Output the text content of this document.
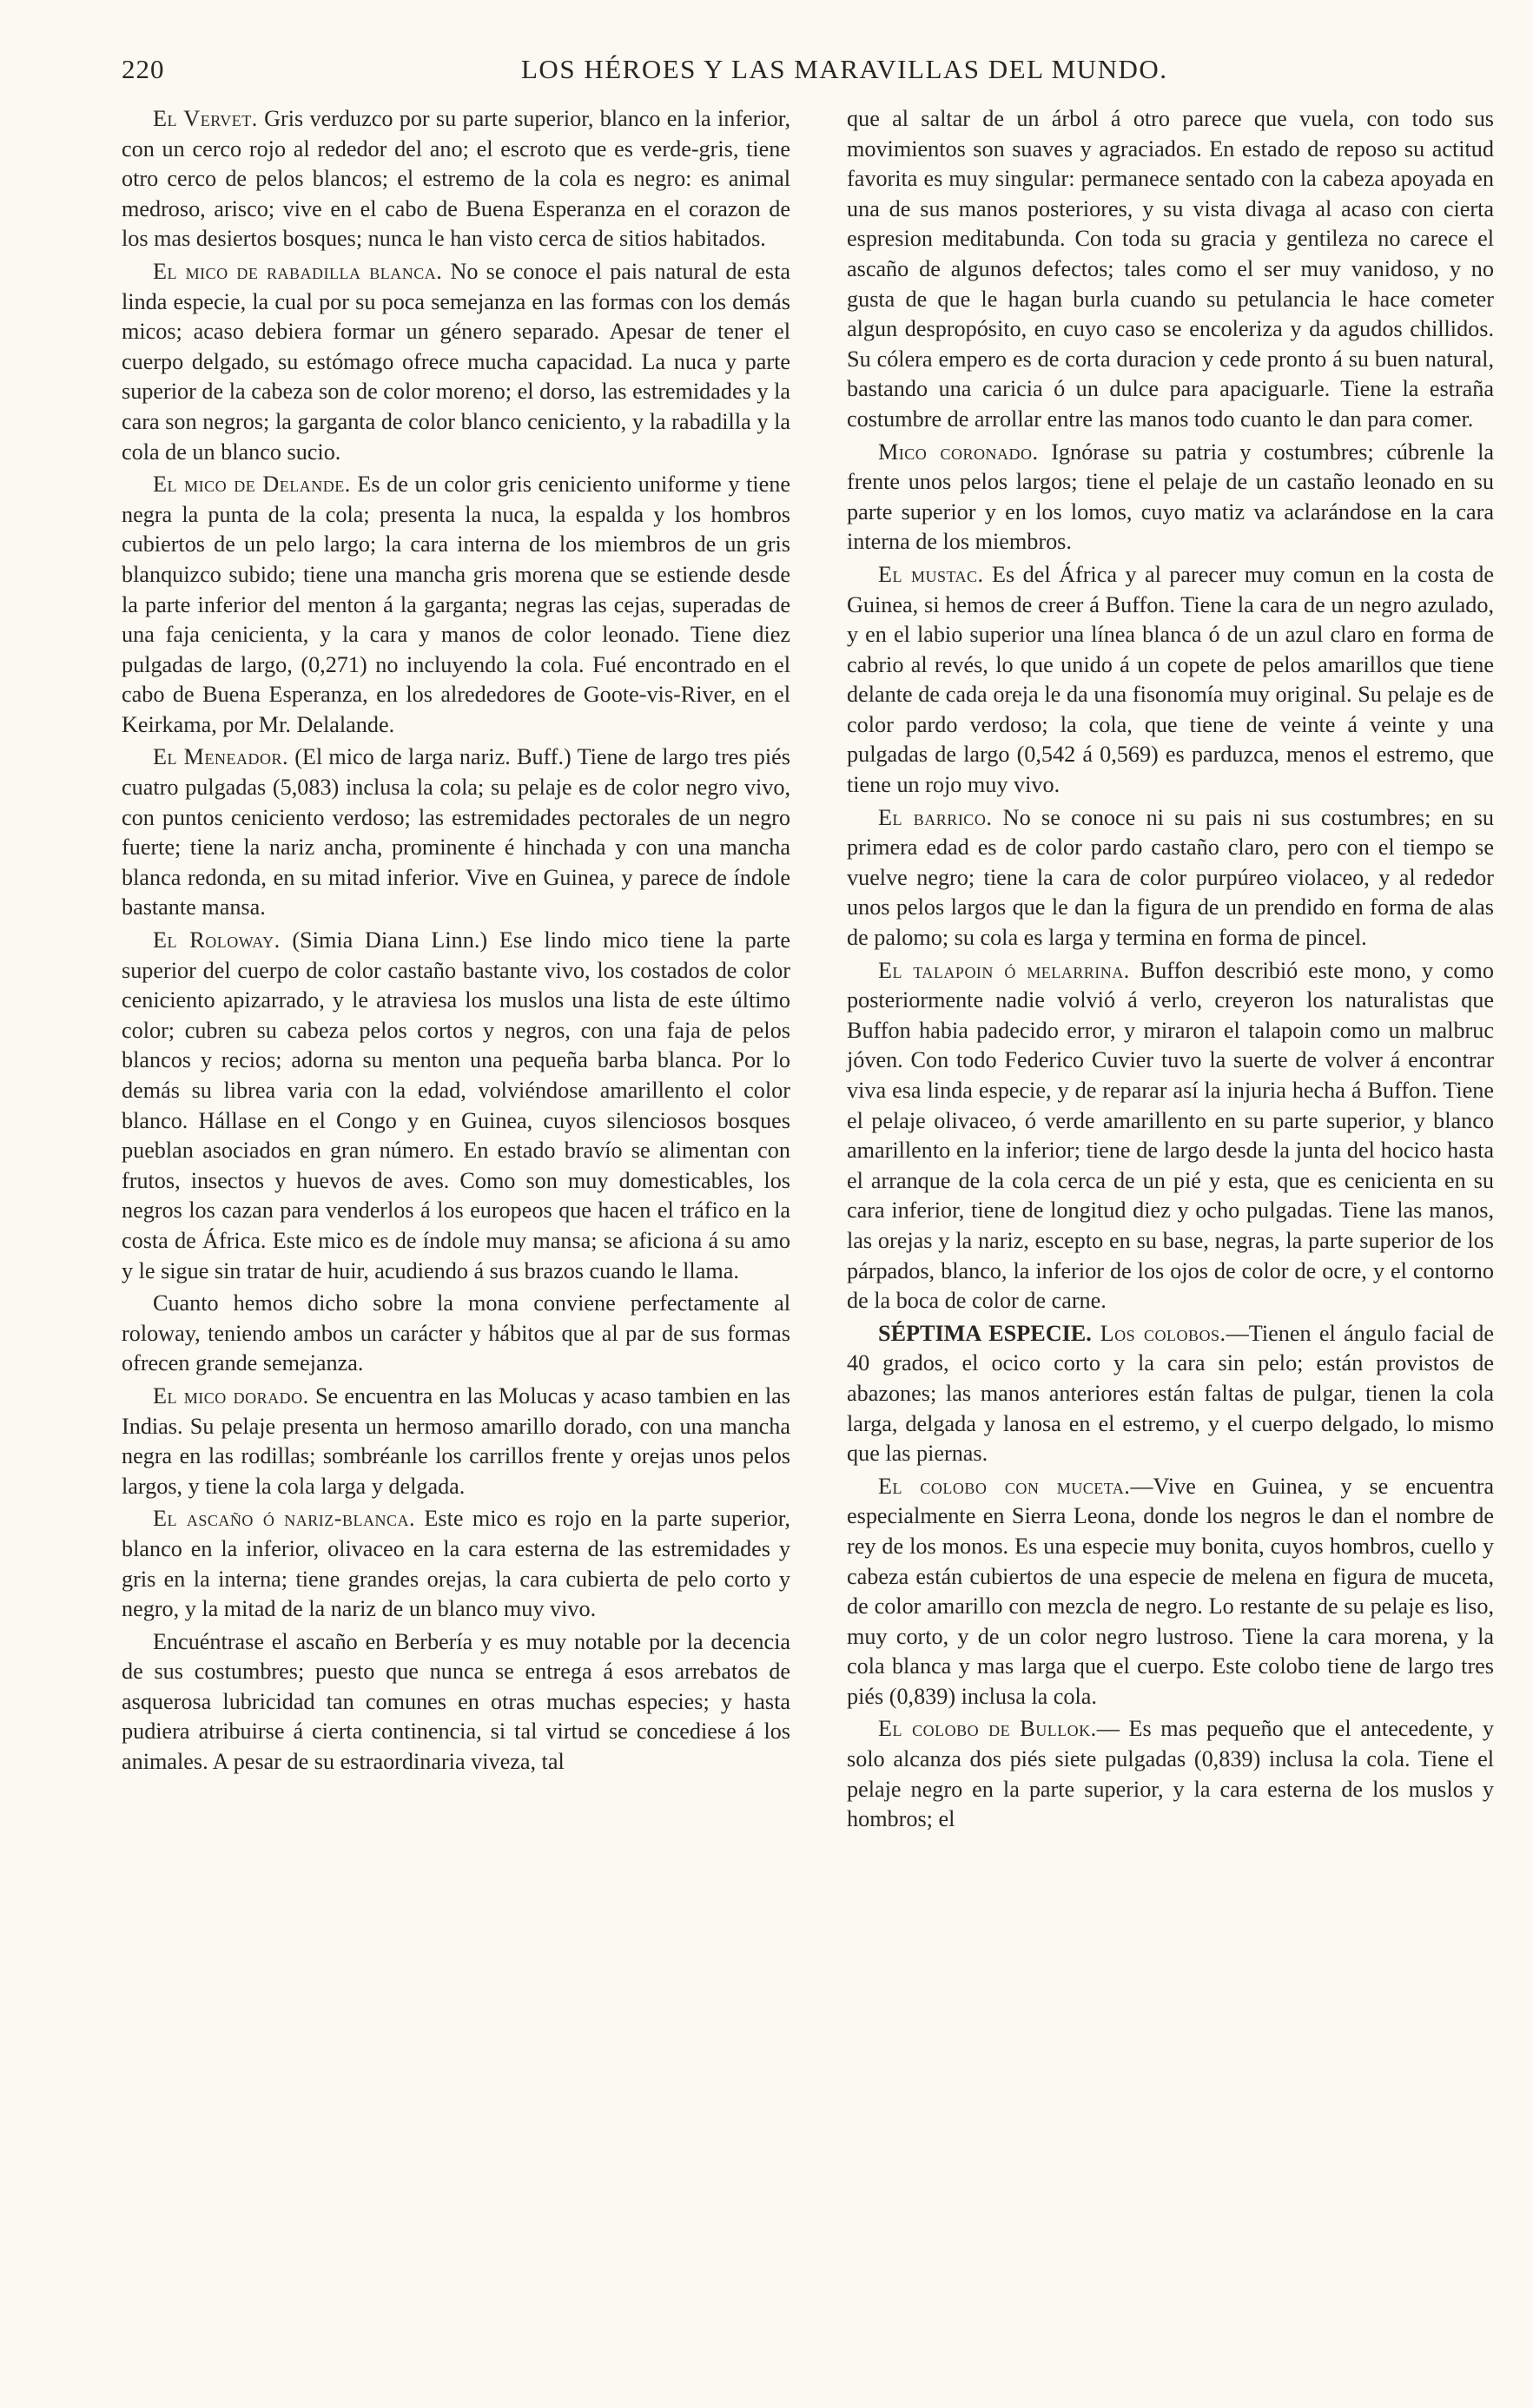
220	LOS HÉROES Y LAS MARAVILLAS DEL MUNDO.

El Vervet. Gris verduzco por su parte superior, blanco en la inferior, con un cerco rojo al rededor del ano; el escroto que es verde-gris, tiene otro cerco de pelos blancos; el estremo de la cola es negro: es animal medroso, arisco; vive en el cabo de Buena Esperanza en el corazon de los mas desiertos bosques; nunca le han visto cerca de sitios habitados.

El mico de rabadilla blanca. No se conoce el pais natural de esta linda especie, la cual por su poca semejanza en las formas con los demás micos; acaso debiera formar un género separado. Apesar de tener el cuerpo delgado, su estómago ofrece mucha capacidad. La nuca y parte superior de la cabeza son de color moreno; el dorso, las estremidades y la cara son negros; la garganta de color blanco ceniciento, y la rabadilla y la cola de un blanco sucio.

El mico de Delande. Es de un color gris ceniciento uniforme y tiene negra la punta de la cola; presenta la nuca, la espalda y los hombros cubiertos de un pelo largo; la cara interna de los miembros de un gris blanquizco subido; tiene una mancha gris morena que se estiende desde la parte inferior del menton á la garganta; negras las cejas, superadas de una faja cenicienta, y la cara y manos de color leonado. Tiene diez pulgadas de largo, (0,271) no incluyendo la cola. Fué encontrado en el cabo de Buena Esperanza, en los alrededores de Goote-vis-River, en el Keirkama, por Mr. Delalande.

El Meneador. (El mico de larga nariz. Buff.) Tiene de largo tres piés cuatro pulgadas (5,083) inclusa la cola; su pelaje es de color negro vivo, con puntos ceniciento verdoso; las estremidades pectorales de un negro fuerte; tiene la nariz ancha, prominente é hinchada y con una mancha blanca redonda, en su mitad inferior. Vive en Guinea, y parece de índole bastante mansa.

El Roloway. (Simia Diana Linn.) Ese lindo mico tiene la parte superior del cuerpo de color castaño bastante vivo, los costados de color ceniciento apizarrado, y le atraviesa los muslos una lista de este último color; cubren su cabeza pelos cortos y negros, con una faja de pelos blancos y recios; adorna su menton una pequeña barba blanca. Por lo demás su librea varia con la edad, volviéndose amarillento el color blanco. Hállase en el Congo y en Guinea, cuyos silenciosos bosques pueblan asociados en gran número. En estado bravío se alimentan con frutos, insectos y huevos de aves. Como son muy domesticables, los negros los cazan para venderlos á los europeos que hacen el tráfico en la costa de África. Este mico es de índole muy mansa; se aficiona á su amo y le sigue sin tratar de huir, acudiendo á sus brazos cuando le llama.

Cuanto hemos dicho sobre la mona conviene perfectamente al roloway, teniendo ambos un carácter y hábitos que al par de sus formas ofrecen grande semejanza.

El mico dorado. Se encuentra en las Molucas y acaso tambien en las Indias. Su pelaje presenta un hermoso amarillo dorado, con una mancha negra en las rodillas; sombréanle los carrillos frente y orejas unos pelos largos, y tiene la cola larga y delgada.

El ascaño ó nariz-blanca. Este mico es rojo en la parte superior, blanco en la inferior, olivaceo en la cara esterna de las estremidades y gris en la interna; tiene grandes orejas, la cara cubierta de pelo corto y negro, y la mitad de la nariz de un blanco muy vivo.

Encuéntrase el ascaño en Berbería y es muy notable por la decencia de sus costumbres; puesto que nunca se entrega á esos arrebatos de asquerosa lubricidad tan comunes en otras muchas especies; y hasta pudiera atribuirse á cierta continencia, si tal virtud se concediese á los animales. A pesar de su estraordinaria viveza, tal

que al saltar de un árbol á otro parece que vuela, con todo sus movimientos son suaves y agraciados. En estado de reposo su actitud favorita es muy singular: permanece sentado con la cabeza apoyada en una de sus manos posteriores, y su vista divaga al acaso con cierta espresion meditabunda. Con toda su gracia y gentileza no carece el ascaño de algunos defectos; tales como el ser muy vanidoso, y no gusta de que le hagan burla cuando su petulancia le hace cometer algun despropósito, en cuyo caso se encoleriza y da agudos chillidos. Su cólera empero es de corta duracion y cede pronto á su buen natural, bastando una caricia ó un dulce para apaciguarle. Tiene la estraña costumbre de arrollar entre las manos todo cuanto le dan para comer.

Mico coronado. Ignórase su patria y costumbres; cúbrenle la frente unos pelos largos; tiene el pelaje de un castaño leonado en su parte superior y en los lomos, cuyo matiz va aclarándose en la cara interna de los miembros.

El mustac. Es del África y al parecer muy comun en la costa de Guinea, si hemos de creer á Buffon. Tiene la cara de un negro azulado, y en el labio superior una línea blanca ó de un azul claro en forma de cabrio al revés, lo que unido á un copete de pelos amarillos que tiene delante de cada oreja le da una fisonomía muy original. Su pelaje es de color pardo verdoso; la cola, que tiene de veinte á veinte y una pulgadas de largo (0,542 á 0,569) es parduzca, menos el estremo, que tiene un rojo muy vivo.

El barrico. No se conoce ni su pais ni sus costumbres; en su primera edad es de color pardo castaño claro, pero con el tiempo se vuelve negro; tiene la cara de color purpúreo violaceo, y al rededor unos pelos largos que le dan la figura de un prendido en forma de alas de palomo; su cola es larga y termina en forma de pincel.

El talapoin ó melarrina. Buffon describió este mono, y como posteriormente nadie volvió á verlo, creyeron los naturalistas que Buffon habia padecido error, y miraron el talapoin como un malbruc jóven. Con todo Federico Cuvier tuvo la suerte de volver á encontrar viva esa linda especie, y de reparar así la injuria hecha á Buffon. Tiene el pelaje olivaceo, ó verde amarillento en su parte superior, y blanco amarillento en la inferior; tiene de largo desde la junta del hocico hasta el arranque de la cola cerca de un pié y esta, que es cenicienta en su cara inferior, tiene de longitud diez y ocho pulgadas. Tiene las manos, las orejas y la nariz, escepto en su base, negras, la parte superior de los párpados, blanco, la inferior de los ojos de color de ocre, y el contorno de la boca de color de carne.

SÉPTIMA ESPECIE. Los colobos.—Tienen el ángulo facial de 40 grados, el ocico corto y la cara sin pelo; están provistos de abazones; las manos anteriores están faltas de pulgar, tienen la cola larga, delgada y lanosa en el estremo, y el cuerpo delgado, lo mismo que las piernas.

El colobo con muceta.—Vive en Guinea, y se encuentra especialmente en Sierra Leona, donde los negros le dan el nombre de rey de los monos. Es una especie muy bonita, cuyos hombros, cuello y cabeza están cubiertos de una especie de melena en figura de muceta, de color amarillo con mezcla de negro. Lo restante de su pelaje es liso, muy corto, y de un color negro lustroso. Tiene la cara morena, y la cola blanca y mas larga que el cuerpo. Este colobo tiene de largo tres piés (0,839) inclusa la cola.

El colobo de Bullok.— Es mas pequeño que el antecedente, y solo alcanza dos piés siete pulgadas (0,839) inclusa la cola. Tiene el pelaje negro en la parte superior, y la cara esterna de los muslos y hombros; el
